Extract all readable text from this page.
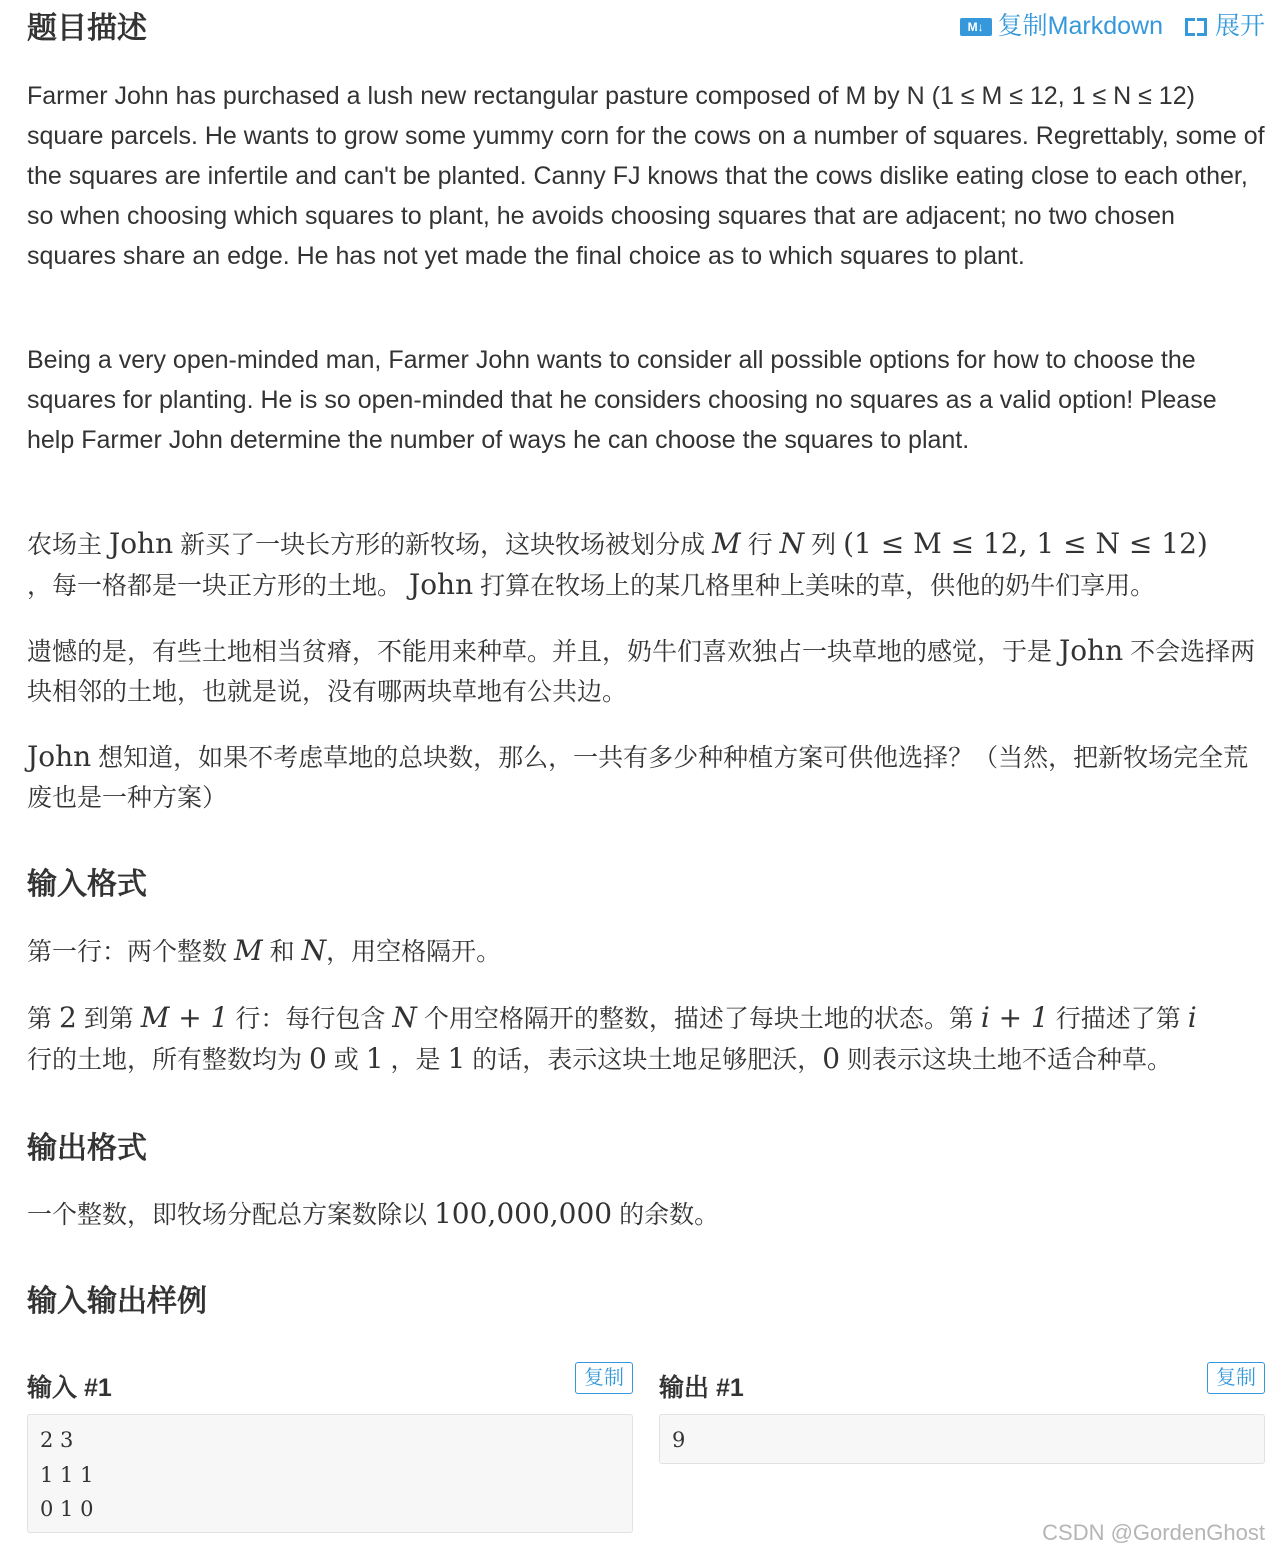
题目描述	M↓ 复制Markdown 展开

Farmer John has purchased a lush new rectangular pasture composed of M by N (1 ≤ M ≤ 12, 1 ≤ N ≤ 12) square parcels. He wants to grow some yummy corn for the cows on a number of squares. Regrettably, some of the squares are infertile and can't be planted. Canny FJ knows that the cows dislike eating close to each other, so when choosing which squares to plant, he avoids choosing squares that are adjacent; no two chosen squares share an edge. He has not yet made the final choice as to which squares to plant.

Being a very open-minded man, Farmer John wants to consider all possible options for how to choose the squares for planting. He is so open-minded that he considers choosing no squares as a valid option! Please help Farmer John determine the number of ways he can choose the squares to plant.

农场主 John 新买了一块长方形的新牧场，这块牧场被划分成 M 行 N 列 (1 ≤ M ≤ 12, 1 ≤ N ≤ 12)
，每一格都是一块正方形的土地。 John 打算在牧场上的某几格里种上美味的草，供他的奶牛们享用。

遗憾的是，有些土地相当贫瘠，不能用来种草。并且，奶牛们喜欢独占一块草地的感觉，于是 John 不会选择两块相邻的土地，也就是说，没有哪两块草地有公共边。

John 想知道，如果不考虑草地的总块数，那么，一共有多少种种植方案可供他选择？（当然，把新牧场完全荒废也是一种方案）

输入格式

第一行：两个整数 M 和 N，用空格隔开。

第 2 到第 M + 1 行：每行包含 N 个用空格隔开的整数，描述了每块土地的状态。第 i + 1 行描述了第 i
行的土地，所有整数均为 0 或 1 ，是 1 的话，表示这块土地足够肥沃，0 则表示这块土地不适合种草。

输出格式

一个整数，即牧场分配总方案数除以 100,000,000 的余数。

输入输出样例
输入 #1	复制
2 3
1 1 1
0 1 0
输出 #1	复制
9
CSDN @GordenGhost
